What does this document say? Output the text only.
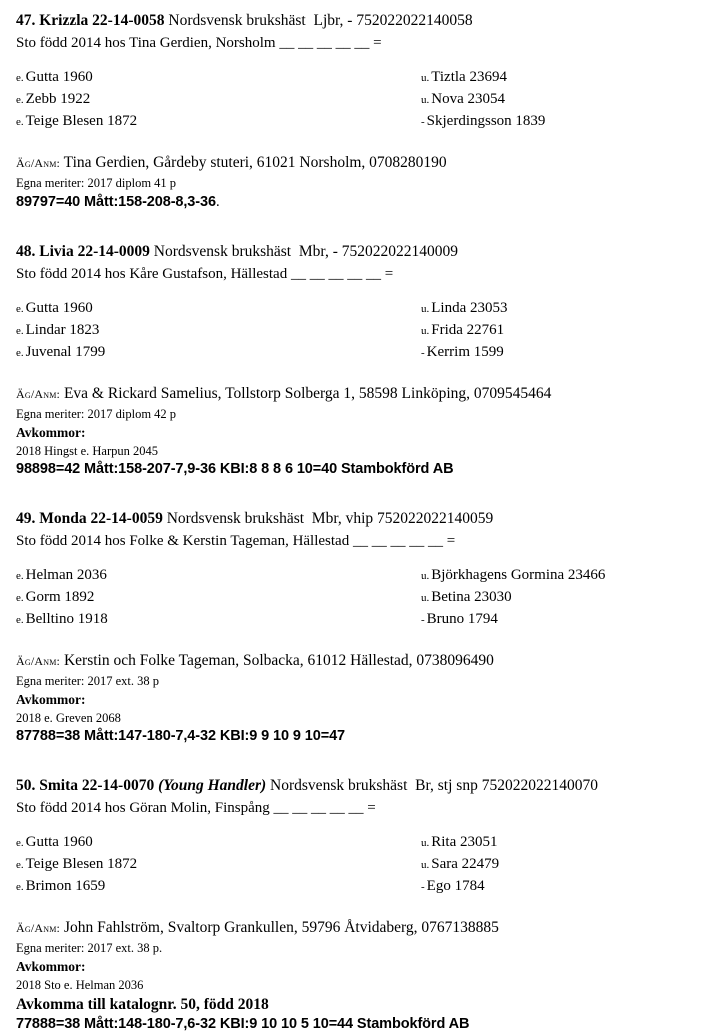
47. Krizzla 22-14-0058 Nordsvensk brukshäst  Ljbr, - 752022022140058

Sto född 2014 hos Tina Gerdien, Norsholm __ __ __ __ __ =

e. Gutta 1960	u. Tiztla 23694
e. Zebb 1922	u. Nova 23054
e. Teige Blesen 1872	- Skjerdingsson 1839

Äg/Anm: Tina Gerdien, Gårdeby stuteri, 61021 Norsholm, 0708280190

Egna meriter: 2017 diplom 41 p

89797=40 Mått:158-208-8,3-36.

48. Livia 22-14-0009 Nordsvensk brukshäst  Mbr, - 752022022140009

Sto född 2014 hos Kåre Gustafson, Hällestad __ __ __ __ __ =

e. Gutta 1960	u. Linda 23053
e. Lindar 1823	u. Frida 22761
e. Juvenal 1799	- Kerrim 1599

Äg/Anm: Eva & Rickard Samelius, Tollstorp Solberga 1, 58598 Linköping, 0709545464

Egna meriter: 2017 diplom 42 p

Avkommor:

2018 Hingst e. Harpun 2045

98898=42 Mått:158-207-7,9-36 KBI:8 8 8 6 10=40 Stambokförd AB

49. Monda 22-14-0059 Nordsvensk brukshäst  Mbr, vhip 752022022140059

Sto född 2014 hos Folke & Kerstin Tageman, Hällestad __ __ __ __ __ =

e. Helman 2036	u. Björkhagens Gormina 23466
e. Gorm 1892	u. Betina 23030
e. Belltino 1918	- Bruno 1794

Äg/Anm: Kerstin och Folke Tageman, Solbacka, 61012 Hällestad, 0738096490

Egna meriter: 2017 ext. 38 p

Avkommor:

2018 e. Greven 2068

87788=38 Mått:147-180-7,4-32 KBI:9 9 10 9 10=47

50. Smita 22-14-0070 (Young Handler) Nordsvensk brukshäst  Br, stj snp 752022022140070

Sto född 2014 hos Göran Molin, Finspång __ __ __ __ __ =

e. Gutta 1960	u. Rita 23051
e. Teige Blesen 1872	u. Sara 22479
e. Brimon 1659	- Ego 1784

Äg/Anm: John Fahlström, Svaltorp Grankullen, 59796 Åtvidaberg, 0767138885

Egna meriter: 2017 ext. 38 p.

Avkommor:

2018 Sto e. Helman 2036

Avkomma till katalognr. 50, född 2018

77888=38 Mått:148-180-7,6-32 KBI:9 10 10 5 10=44 Stambokförd AB
